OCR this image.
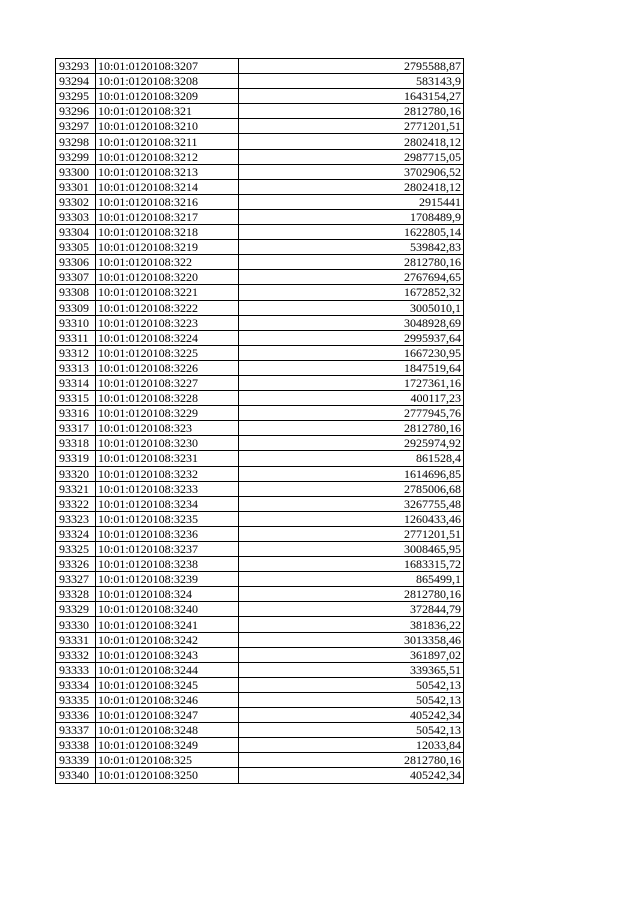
93293	10:01:0120108:3207	2795588,87
93294	10:01:0120108:3208	583143,9
93295	10:01:0120108:3209	1643154,27
93296	10:01:0120108:321	2812780,16
93297	10:01:0120108:3210	2771201,51
93298	10:01:0120108:3211	2802418,12
93299	10:01:0120108:3212	2987715,05
93300	10:01:0120108:3213	3702906,52
93301	10:01:0120108:3214	2802418,12
93302	10:01:0120108:3216	2915441
93303	10:01:0120108:3217	1708489,9
93304	10:01:0120108:3218	1622805,14
93305	10:01:0120108:3219	539842,83
93306	10:01:0120108:322	2812780,16
93307	10:01:0120108:3220	2767694,65
93308	10:01:0120108:3221	1672852,32
93309	10:01:0120108:3222	3005010,1
93310	10:01:0120108:3223	3048928,69
93311	10:01:0120108:3224	2995937,64
93312	10:01:0120108:3225	1667230,95
93313	10:01:0120108:3226	1847519,64
93314	10:01:0120108:3227	1727361,16
93315	10:01:0120108:3228	400117,23
93316	10:01:0120108:3229	2777945,76
93317	10:01:0120108:323	2812780,16
93318	10:01:0120108:3230	2925974,92
93319	10:01:0120108:3231	861528,4
93320	10:01:0120108:3232	1614696,85
93321	10:01:0120108:3233	2785006,68
93322	10:01:0120108:3234	3267755,48
93323	10:01:0120108:3235	1260433,46
93324	10:01:0120108:3236	2771201,51
93325	10:01:0120108:3237	3008465,95
93326	10:01:0120108:3238	1683315,72
93327	10:01:0120108:3239	865499,1
93328	10:01:0120108:324	2812780,16
93329	10:01:0120108:3240	372844,79
93330	10:01:0120108:3241	381836,22
93331	10:01:0120108:3242	3013358,46
93332	10:01:0120108:3243	361897,02
93333	10:01:0120108:3244	339365,51
93334	10:01:0120108:3245	50542,13
93335	10:01:0120108:3246	50542,13
93336	10:01:0120108:3247	405242,34
93337	10:01:0120108:3248	50542,13
93338	10:01:0120108:3249	12033,84
93339	10:01:0120108:325	2812780,16
93340	10:01:0120108:3250	405242,34
